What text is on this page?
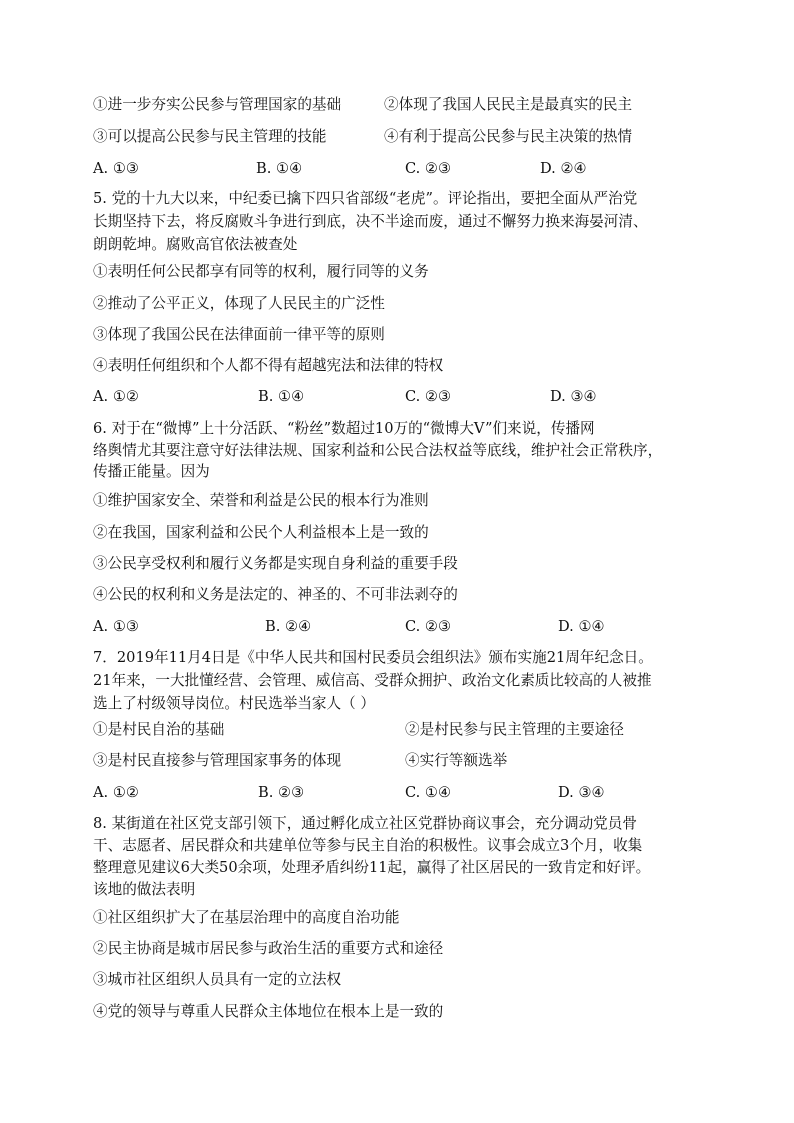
①进一步夯实公民参与管理国家的基础	②体现了我国人民民主是最真实的民主
③可以提高公民参与民主管理的技能	④有利于提高公民参与民主决策的热情
A. ①③	B. ①④	C. ②③	D. ②④
5. 党的十九大以来，中纪委已擒下四只省部级“老虎”。评论指出，要把全面从严治党
长期坚持下去，将反腐败斗争进行到底，决不半途而废，通过不懈努力换来海晏河清、
朗朗乾坤。腐败高官依法被查处
①表明任何公民都享有同等的权利，履行同等的义务
②推动了公平正义，体现了人民民主的广泛性
③体现了我国公民在法律面前一律平等的原则
④表明任何组织和个人都不得有超越宪法和法律的特权
A. ①②	B. ①④	C. ②③	D. ③④
6. 对于在“微博”上十分活跃、“粉丝”数超过10万的“微博大V”们来说，传播网
络舆情尤其要注意守好法律法规、国家利益和公民合法权益等底线，维护社会正常秩序，
传播正能量。因为
①维护国家安全、荣誉和利益是公民的根本行为准则
②在我国，国家利益和公民个人利益根本上是一致的
③公民享受权利和履行义务都是实现自身利益的重要手段
④公民的权利和义务是法定的、神圣的、不可非法剥夺的
A. ①③	B. ②④	C. ②③	D. ①④
7．2019年11月4日是《中华人民共和国村民委员会组织法》颁布实施21周年纪念日。
21年来，一大批懂经营、会管理、威信高、受群众拥护、政治文化素质比较高的人被推
选上了村级领导岗位。村民选举当家人（ ）
①是村民自治的基础	②是村民参与民主管理的主要途径
③是村民直接参与管理国家事务的体现	④实行等额选举
A. ①②	B. ②③	C. ①④	D. ③④
8. 某街道在社区党支部引领下，通过孵化成立社区党群协商议事会，充分调动党员骨
干、志愿者、居民群众和共建单位等参与民主自治的积极性。议事会成立3个月，收集
整理意见建议6大类50余项，处理矛盾纠纷11起，赢得了社区居民的一致肯定和好评。
该地的做法表明
①社区组织扩大了在基层治理中的高度自治功能
②民主协商是城市居民参与政治生活的重要方式和途径
③城市社区组织人员具有一定的立法权
④党的领导与尊重人民群众主体地位在根本上是一致的
